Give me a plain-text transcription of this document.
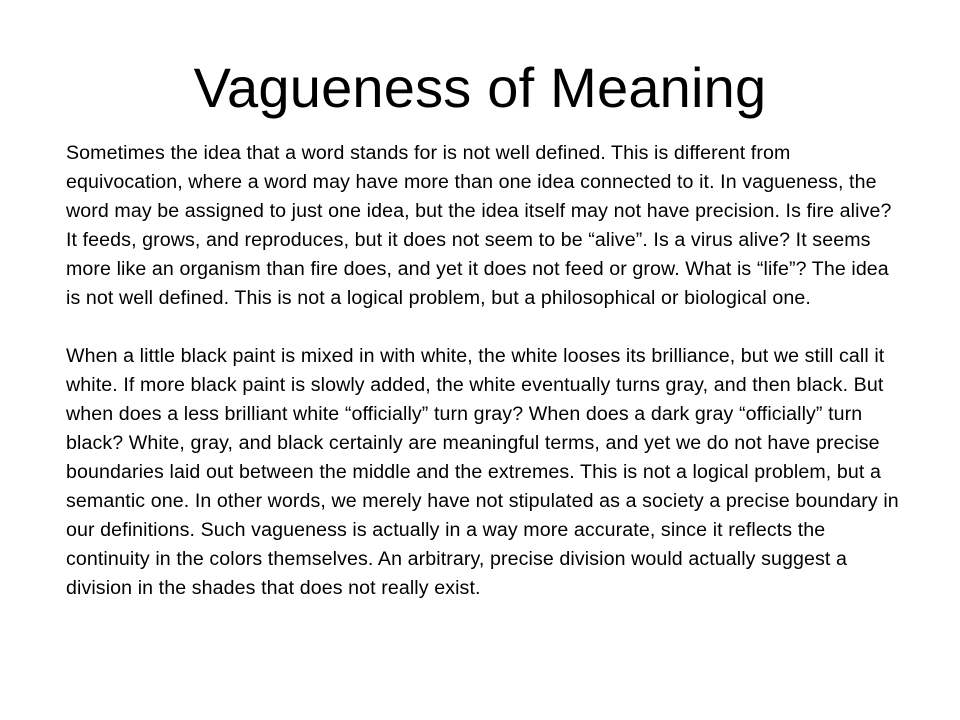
Vagueness of Meaning

Sometimes the idea that a word stands for is not well defined. This is different from equivocation, where a word may have more than one idea connected to it. In vagueness, the word may be assigned to just one idea, but the idea itself may not have precision. Is fire alive? It feeds, grows, and reproduces, but it does not seem to be “alive”. Is a virus alive? It seems more like an organism than fire does, and yet it does not feed or grow. What is “life”? The idea is not well defined. This is not a logical problem, but a philosophical or biological one.

When a little black paint is mixed in with white, the white looses its brilliance, but we still call it white. If more black paint is slowly added, the white eventually turns gray, and then black. But when does a less brilliant white “officially” turn gray? When does a dark gray “officially” turn black? White, gray, and black certainly are meaningful terms, and yet we do not have precise boundaries laid out between the middle and the extremes. This is not a logical problem, but a semantic one. In other words, we merely have not stipulated as a society a precise boundary in our definitions. Such vagueness is actually in a way more accurate, since it reflects the continuity in the colors themselves. An arbitrary, precise division would actually suggest a division in the shades that does not really exist.
